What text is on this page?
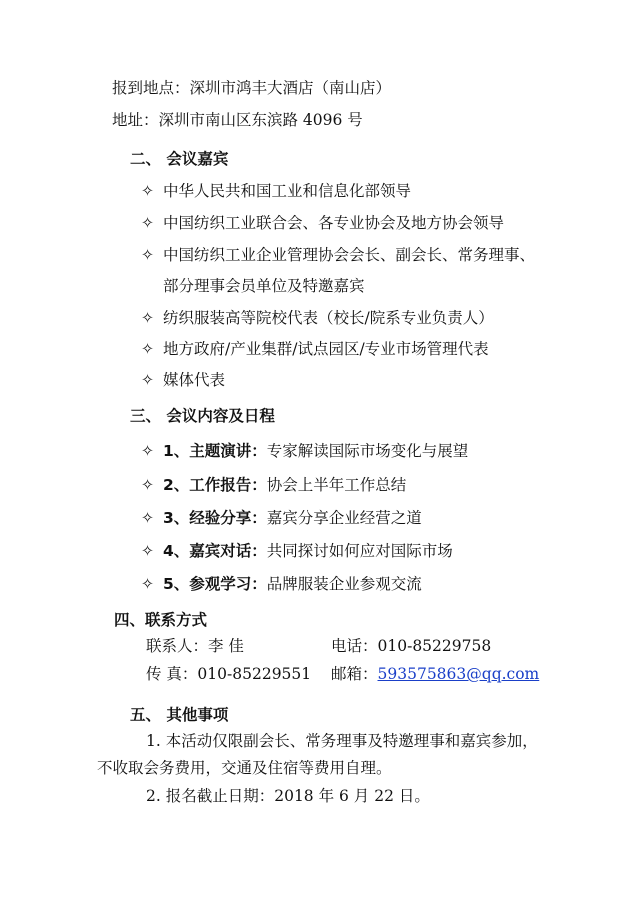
报到地点：深圳市鸿丰大酒店（南山店）
地址：深圳市南山区东滨路 4096 号
二、 会议嘉宾
✧ 中华人民共和国工业和信息化部领导
✧ 中国纺织工业联合会、各专业协会及地方协会领导
✧ 中国纺织工业企业管理协会会长、副会长、常务理事、
部分理事会员单位及特邀嘉宾
✧ 纺织服装高等院校代表（校长/院系专业负责人）
✧ 地方政府/产业集群/试点园区/专业市场管理代表
✧ 媒体代表
三、 会议内容及日程
✧ 1、主题演讲：专家解读国际市场变化与展望
✧ 2、工作报告：协会上半年工作总结
✧ 3、经验分享：嘉宾分享企业经营之道
✧ 4、嘉宾对话：共同探讨如何应对国际市场
✧ 5、参观学习：品牌服装企业参观交流
四、联系方式
联系人：李 佳	电话：010-85229758
传 真：010-85229551 邮箱：593575863@qq.com
五、 其他事项
1. 本活动仅限副会长、常务理事及特邀理事和嘉宾参加，
不收取会务费用，交通及住宿等费用自理。
2. 报名截止日期：2018 年 6 月 22 日。
